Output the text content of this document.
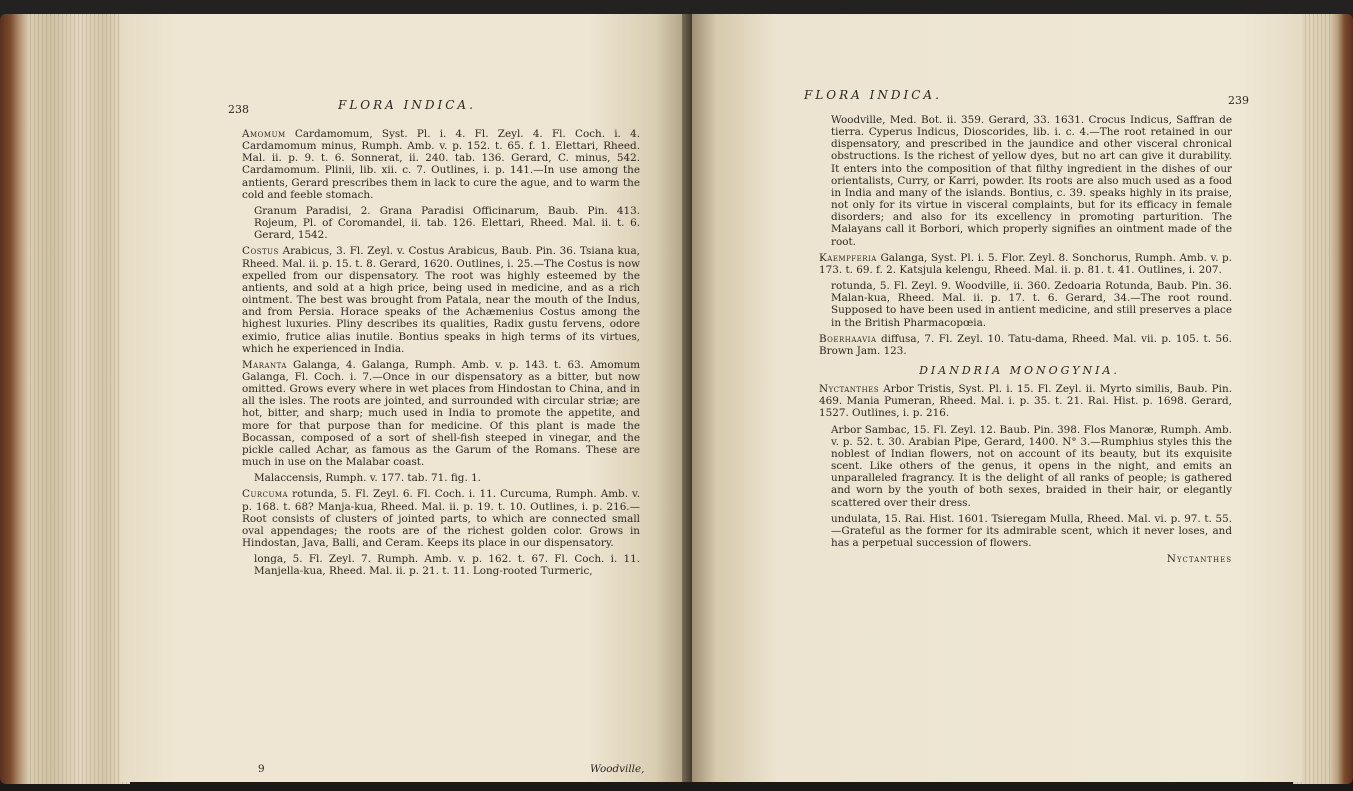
238	FLORA INDICA.

Amomum Cardamomum, Syst. Pl. i. 4. Fl. Zeyl. 4. Fl. Coch. i. 4. Cardamomum minus, Rumph. Amb. v. p. 152. t. 65. f. 1. Elettari, Rheed. Mal. ii. p. 9. t. 6. Sonnerat, ii. 240. tab. 136. Gerard, C. minus, 542. Cardamomum. Plinii, lib. xii. c. 7. Outlines, i. p. 141.—In use among the antients, Gerard prescribes them in lack to cure the ague, and to warm the cold and feeble stomach.

Granum Paradisi, 2. Grana Paradisi Officinarum, Baub. Pin. 413. Rojeum, Pl. of Coromandel, ii. tab. 126. Elettari, Rheed. Mal. ii. t. 6. Gerard, 1542.

Costus Arabicus, 3. Fl. Zeyl. v. Costus Arabicus, Baub. Pin. 36. Tsiana kua, Rheed. Mal. ii. p. 15. t. 8. Gerard, 1620. Outlines, i. 25.—The Costus is now expelled from our dispensatory. The root was highly esteemed by the antients, and sold at a high price, being used in medicine, and as a rich ointment. The best was brought from Patala, near the mouth of the Indus, and from Persia. Horace speaks of the Achæmenius Costus among the highest luxuries. Pliny describes its qualities, Radix gustu fervens, odore eximio, frutice alias inutile. Bontius speaks in high terms of its virtues, which he experienced in India.

Maranta Galanga, 4. Galanga, Rumph. Amb. v. p. 143. t. 63. Amomum Galanga, Fl. Coch. i. 7.—Once in our dispensatory as a bitter, but now omitted. Grows every where in wet places from Hindostan to China, and in all the isles. The roots are jointed, and surrounded with circular striæ; are hot, bitter, and sharp; much used in India to promote the appetite, and more for that purpose than for medicine. Of this plant is made the Bocassan, composed of a sort of shell-fish steeped in vinegar, and the pickle called Achar, as famous as the Garum of the Romans. These are much in use on the Malabar coast.

Malaccensis, Rumph. v. 177. tab. 71. fig. 1.

Curcuma rotunda, 5. Fl. Zeyl. 6. Fl. Coch. i. 11. Curcuma, Rumph. Amb. v. p. 168. t. 68? Manja-kua, Rheed. Mal. ii. p. 19. t. 10. Outlines, i. p. 216.—Root consists of clusters of jointed parts, to which are connected small oval appendages; the roots are of the richest golden color. Grows in Hindostan, Java, Balli, and Ceram. Keeps its place in our dispensatory.

longa, 5. Fl. Zeyl. 7. Rumph. Amb. v. p. 162. t. 67. Fl. Coch. i. 11. Manjella-kua, Rheed. Mal. ii. p. 21. t. 11. Long-rooted Turmeric,

9	Woodville,
FLORA INDICA.	239

Woodville, Med. Bot. ii. 359. Gerard, 33. 1631. Crocus Indicus, Saffran de tierra. Cyperus Indicus, Dioscorides, lib. i. c. 4.—The root retained in our dispensatory, and prescribed in the jaundice and other visceral chronical obstructions. Is the richest of yellow dyes, but no art can give it durability. It enters into the composition of that filthy ingredient in the dishes of our orientalists, Curry, or Karri, powder. Its roots are also much used as a food in India and many of the islands. Bontius, c. 39. speaks highly in its praise, not only for its virtue in visceral complaints, but for its efficacy in female disorders; and also for its excellency in promoting parturition. The Malayans call it Borbori, which properly signifies an ointment made of the root.

Kaempferia Galanga, Syst. Pl. i. 5. Flor. Zeyl. 8. Sonchorus, Rumph. Amb. v. p. 173. t. 69. f. 2. Katsjula kelengu, Rheed. Mal. ii. p. 81. t. 41. Outlines, i. 207.

rotunda, 5. Fl. Zeyl. 9. Woodville, ii. 360. Zedoaria Rotunda, Baub. Pin. 36. Malan-kua, Rheed. Mal. ii. p. 17. t. 6. Gerard, 34.—The root round. Supposed to have been used in antient medicine, and still preserves a place in the British Pharmacopœia.

Boerhaavia diffusa, 7. Fl. Zeyl. 10. Tatu-dama, Rheed. Mal. vii. p. 105. t. 56. Brown Jam. 123.

DIANDRIA MONOGYNIA.

Nyctanthes Arbor Tristis, Syst. Pl. i. 15. Fl. Zeyl. ii. Myrto similis, Baub. Pin. 469. Mania Pumeran, Rheed. Mal. i. p. 35. t. 21. Rai. Hist. p. 1698. Gerard, 1527. Outlines, i. p. 216.

Arbor Sambac, 15. Fl. Zeyl. 12. Baub. Pin. 398. Flos Manoræ, Rumph. Amb. v. p. 52. t. 30. Arabian Pipe, Gerard, 1400. N° 3.—Rumphius styles this the noblest of Indian flowers, not on account of its beauty, but its exquisite scent. Like others of the genus, it opens in the night, and emits an unparalleled fragrancy. It is the delight of all ranks of people; is gathered and worn by the youth of both sexes, braided in their hair, or elegantly scattered over their dress.

undulata, 15. Rai. Hist. 1601. Tsieregam Mulla, Rheed. Mal. vi. p. 97. t. 55.—Grateful as the former for its admirable scent, which it never loses, and has a perpetual succession of flowers.

Nyctanthes
